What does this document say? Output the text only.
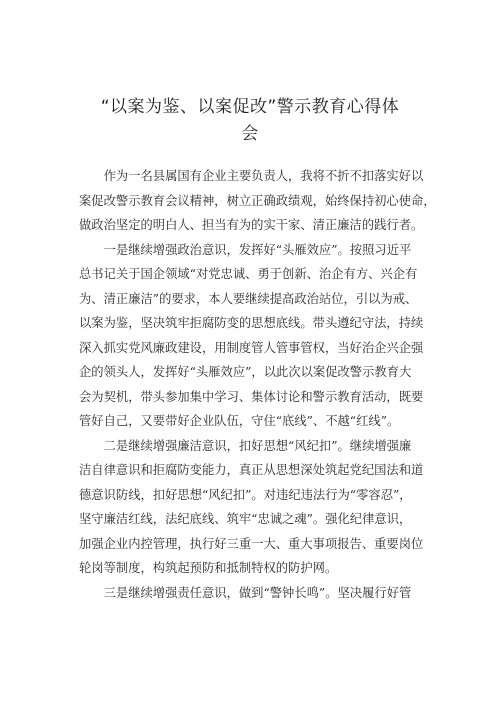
“以案为鉴、以案促改”警示教育心得体
会

作为一名县属国有企业主要负责人，我将不折不扣落实好以
案促改警示教育会议精神，树立正确政绩观，始终保持初心使命，
做政治坚定的明白人、担当有为的实干家、清正廉洁的践行者。

一是继续增强政治意识，发挥好“头雁效应”。按照习近平
总书记关于国企领域“对党忠诚、勇于创新、治企有方、兴企有
为、清正廉洁”的要求，本人要继续提高政治站位，引以为戒、
以案为鉴，坚决筑牢拒腐防变的思想底线。带头遵纪守法，持续
深入抓实党风廉政建设，用制度管人管事管权，当好治企兴企强
企的领头人，发挥好“头雁效应”，以此次以案促改警示教育大
会为契机，带头参加集中学习、集体讨论和警示教育活动，既要
管好自己，又要带好企业队伍，守住“底线”、不越“红线”。

二是继续增强廉洁意识，扣好思想“风纪扣”。继续增强廉
洁自律意识和拒腐防变能力，真正从思想深处筑起党纪国法和道
德意识防线，扣好思想“风纪扣”。对违纪违法行为“零容忍”，
坚守廉洁红线，法纪底线、筑牢“忠诚之魂”。强化纪律意识，
加强企业内控管理，执行好三重一大、重大事项报告、重要岗位
轮岗等制度，构筑起预防和抵制特权的防护网。

三是继续增强责任意识，做到“警钟长鸣”。坚决履行好管
